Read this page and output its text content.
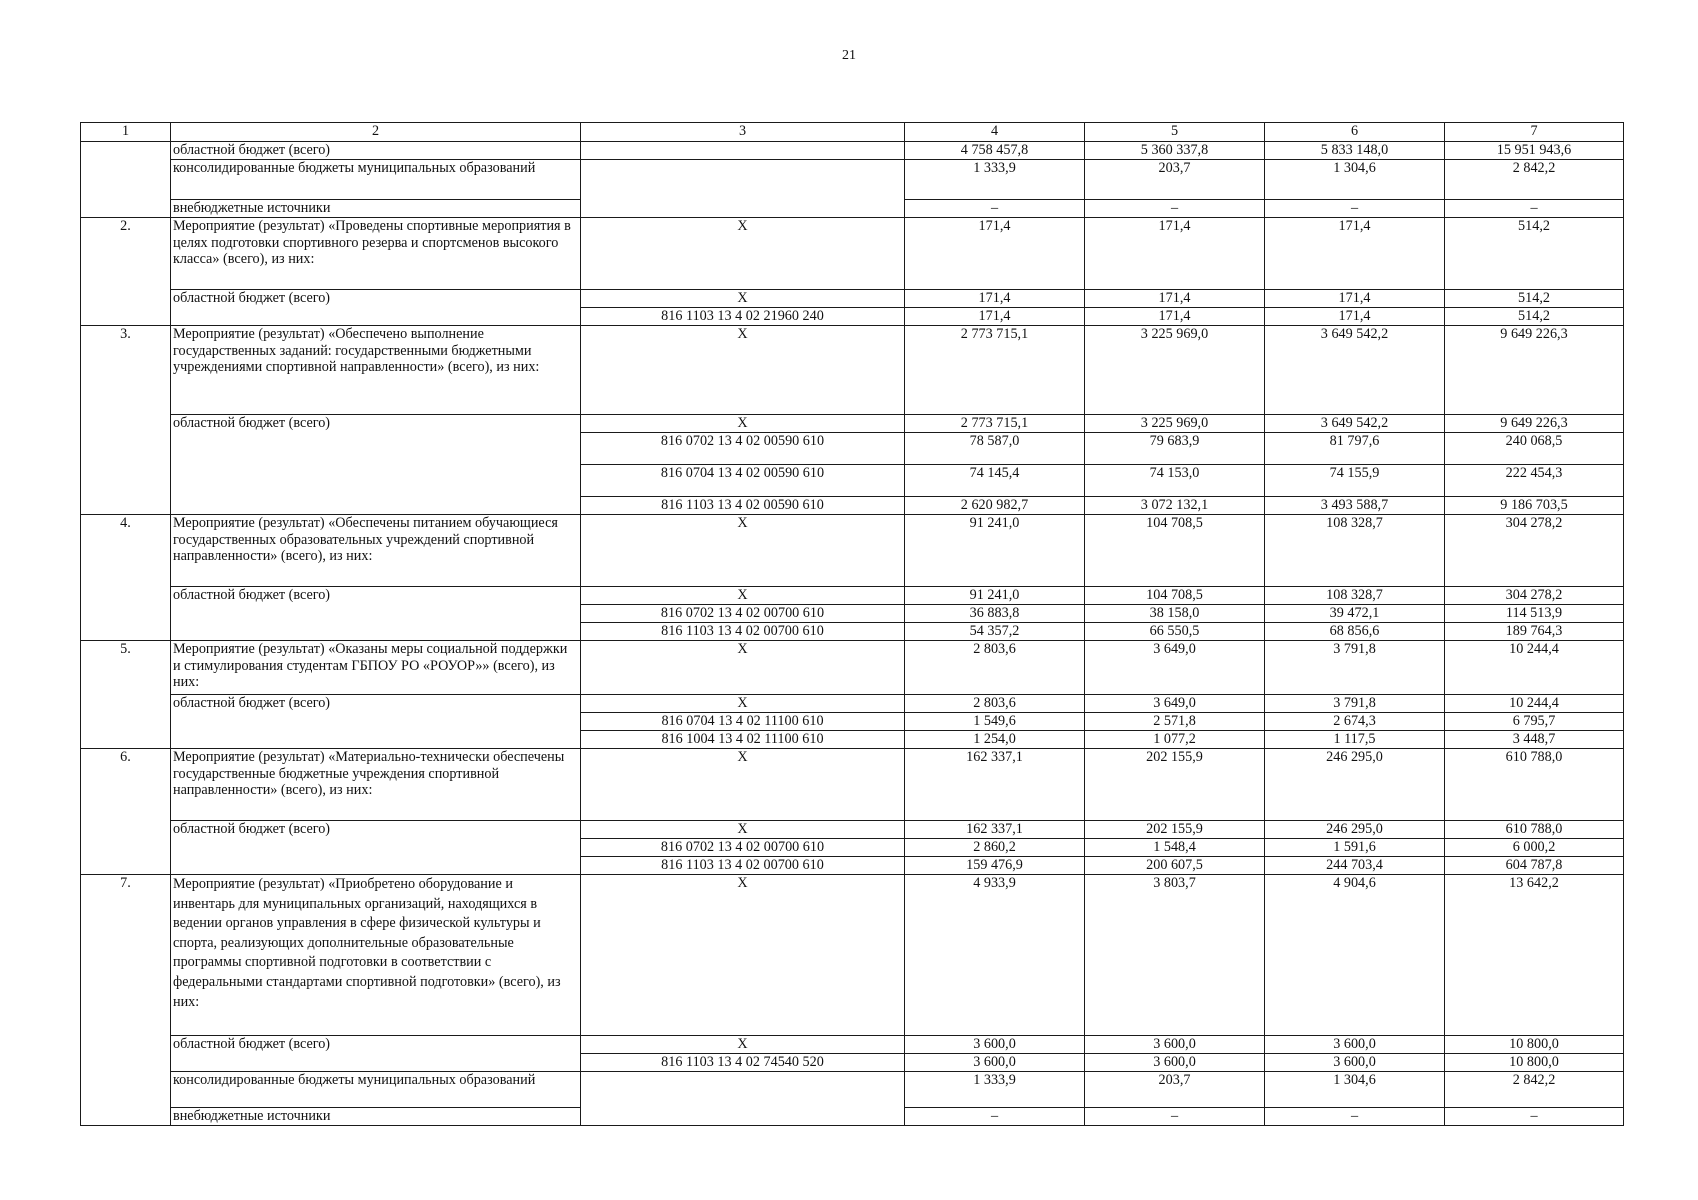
21
1	2	3	4	5	6	7
	областной бюджет (всего)		4 758 457,8	5 360 337,8	5 833 148,0	15 951 943,6
	консолидированные бюджеты муниципальных образований		1 333,9	203,7	1 304,6	2 842,2
	внебюджетные источники		–	–	–	–
2.	Мероприятие (результат) «Проведены спортивные мероприятия в целях подготовки спортивного резерва и спортсменов высокого класса» (всего), из них:	Х	171,4	171,4	171,4	514,2
	областной бюджет (всего)	Х	171,4	171,4	171,4	514,2
		816 1103 13 4 02 21960 240	171,4	171,4	171,4	514,2
3.	Мероприятие (результат) «Обеспечено выполнение государственных заданий: государственными бюджетными учреждениями спортивной направленности» (всего), из них:	Х	2 773 715,1	3 225 969,0	3 649 542,2	9 649 226,3
	областной бюджет (всего)	Х	2 773 715,1	3 225 969,0	3 649 542,2	9 649 226,3
		816 0702 13 4 02 00590 610	78 587,0	79 683,9	81 797,6	240 068,5
		816 0704 13 4 02 00590 610	74 145,4	74 153,0	74 155,9	222 454,3
		816 1103 13 4 02 00590 610	2 620 982,7	3 072 132,1	3 493 588,7	9 186 703,5
4.	Мероприятие (результат) «Обеспечены питанием обучающиеся государственных образовательных учреждений спортивной направленности» (всего), из них:	Х	91 241,0	104 708,5	108 328,7	304 278,2
	областной бюджет (всего)	Х	91 241,0	104 708,5	108 328,7	304 278,2
		816 0702 13 4 02 00700 610	36 883,8	38 158,0	39 472,1	114 513,9
		816 1103 13 4 02 00700 610	54 357,2	66 550,5	68 856,6	189 764,3
5.	Мероприятие (результат) «Оказаны меры социальной поддержки и стимулирования студентам ГБПОУ РО «РОУОР»» (всего), из них:	Х	2 803,6	3 649,0	3 791,8	10 244,4
	областной бюджет (всего)	Х	2 803,6	3 649,0	3 791,8	10 244,4
		816 0704 13 4 02 11100 610	1 549,6	2 571,8	2 674,3	6 795,7
		816 1004 13 4 02 11100 610	1 254,0	1 077,2	1 117,5	3 448,7
6.	Мероприятие (результат) «Материально-технически обеспечены государственные бюджетные учреждения спортивной направленности» (всего), из них:	Х	162 337,1	202 155,9	246 295,0	610 788,0
	областной бюджет (всего)	Х	162 337,1	202 155,9	246 295,0	610 788,0
		816 0702 13 4 02 00700 610	2 860,2	1 548,4	1 591,6	6 000,2
		816 1103 13 4 02 00700 610	159 476,9	200 607,5	244 703,4	604 787,8
7.	Мероприятие (результат) «Приобретено оборудование и инвентарь для муниципальных организаций, находящихся в ведении органов управления в сфере физической культуры и спорта, реализующих дополнительные образовательные программы спортивной подготовки в соответствии с федеральными стандартами спортивной подготовки» (всего), из них:	Х	4 933,9	3 803,7	4 904,6	13 642,2
	областной бюджет (всего)	Х	3 600,0	3 600,0	3 600,0	10 800,0
		816 1103 13 4 02 74540 520	3 600,0	3 600,0	3 600,0	10 800,0
	консолидированные бюджеты муниципальных образований		1 333,9	203,7	1 304,6	2 842,2
	внебюджетные источники		–	–	–	–
